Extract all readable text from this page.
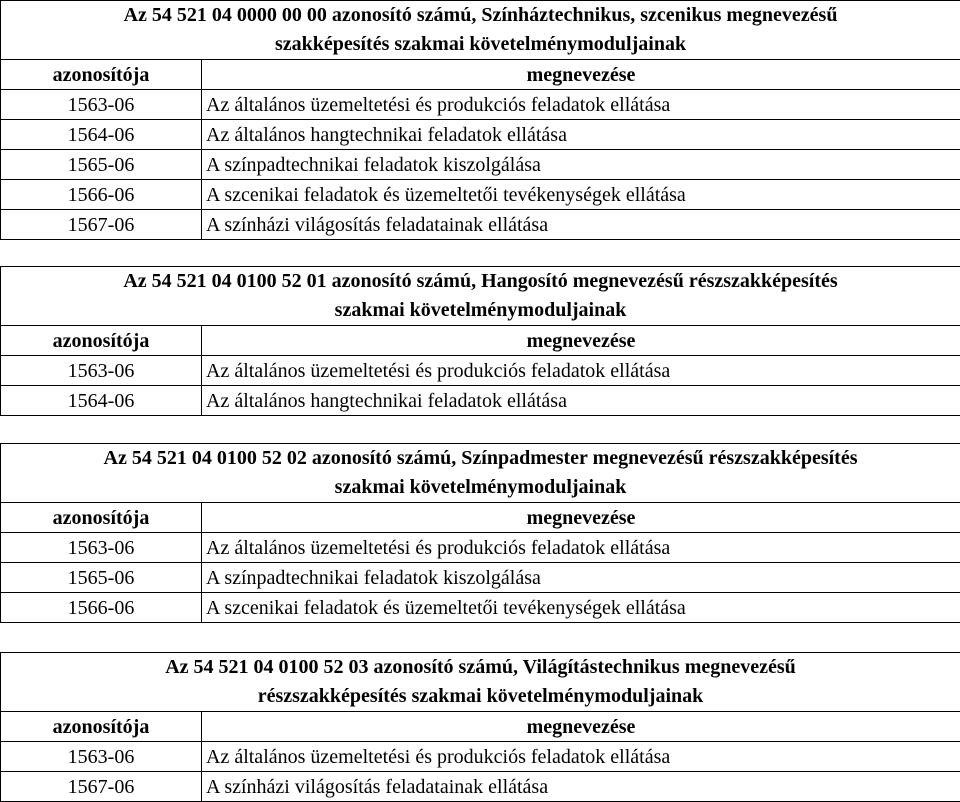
Az 54 521 04 0000 00 00 azonosító számú, Színháztechnikus, szcenikus megnevezésű
szakképesítés szakmai követelménymoduljainak	

azonosítója	megnevezése
1563-06	Az általános üzemeltetési és produkciós feladatok ellátása
1564-06	Az általános hangtechnikai feladatok ellátása
1565-06	A színpadtechnikai feladatok kiszolgálása
1566-06	A szcenikai feladatok és üzemeltetői tevékenységek ellátása
1567-06	A színházi világosítás feladatainak ellátása
Az 54 521 04 0100 52 01 azonosító számú, Hangosító megnevezésű részszakképesítés
szakmai követelménymoduljainak	

azonosítója	megnevezése
1563-06	Az általános üzemeltetési és produkciós feladatok ellátása
1564-06	Az általános hangtechnikai feladatok ellátása
Az 54 521 04 0100 52 02 azonosító számú, Színpadmester megnevezésű részszakképesítés
szakmai követelménymoduljainak	

azonosítója	megnevezése
1563-06	Az általános üzemeltetési és produkciós feladatok ellátása
1565-06	A színpadtechnikai feladatok kiszolgálása
1566-06	A szcenikai feladatok és üzemeltetői tevékenységek ellátása
Az 54 521 04 0100 52 03 azonosító számú, Világítástechnikus megnevezésű
részszakképesítés szakmai követelménymoduljainak	

azonosítója	megnevezése
1563-06	Az általános üzemeltetési és produkciós feladatok ellátása
1567-06	A színházi világosítás feladatainak ellátása
